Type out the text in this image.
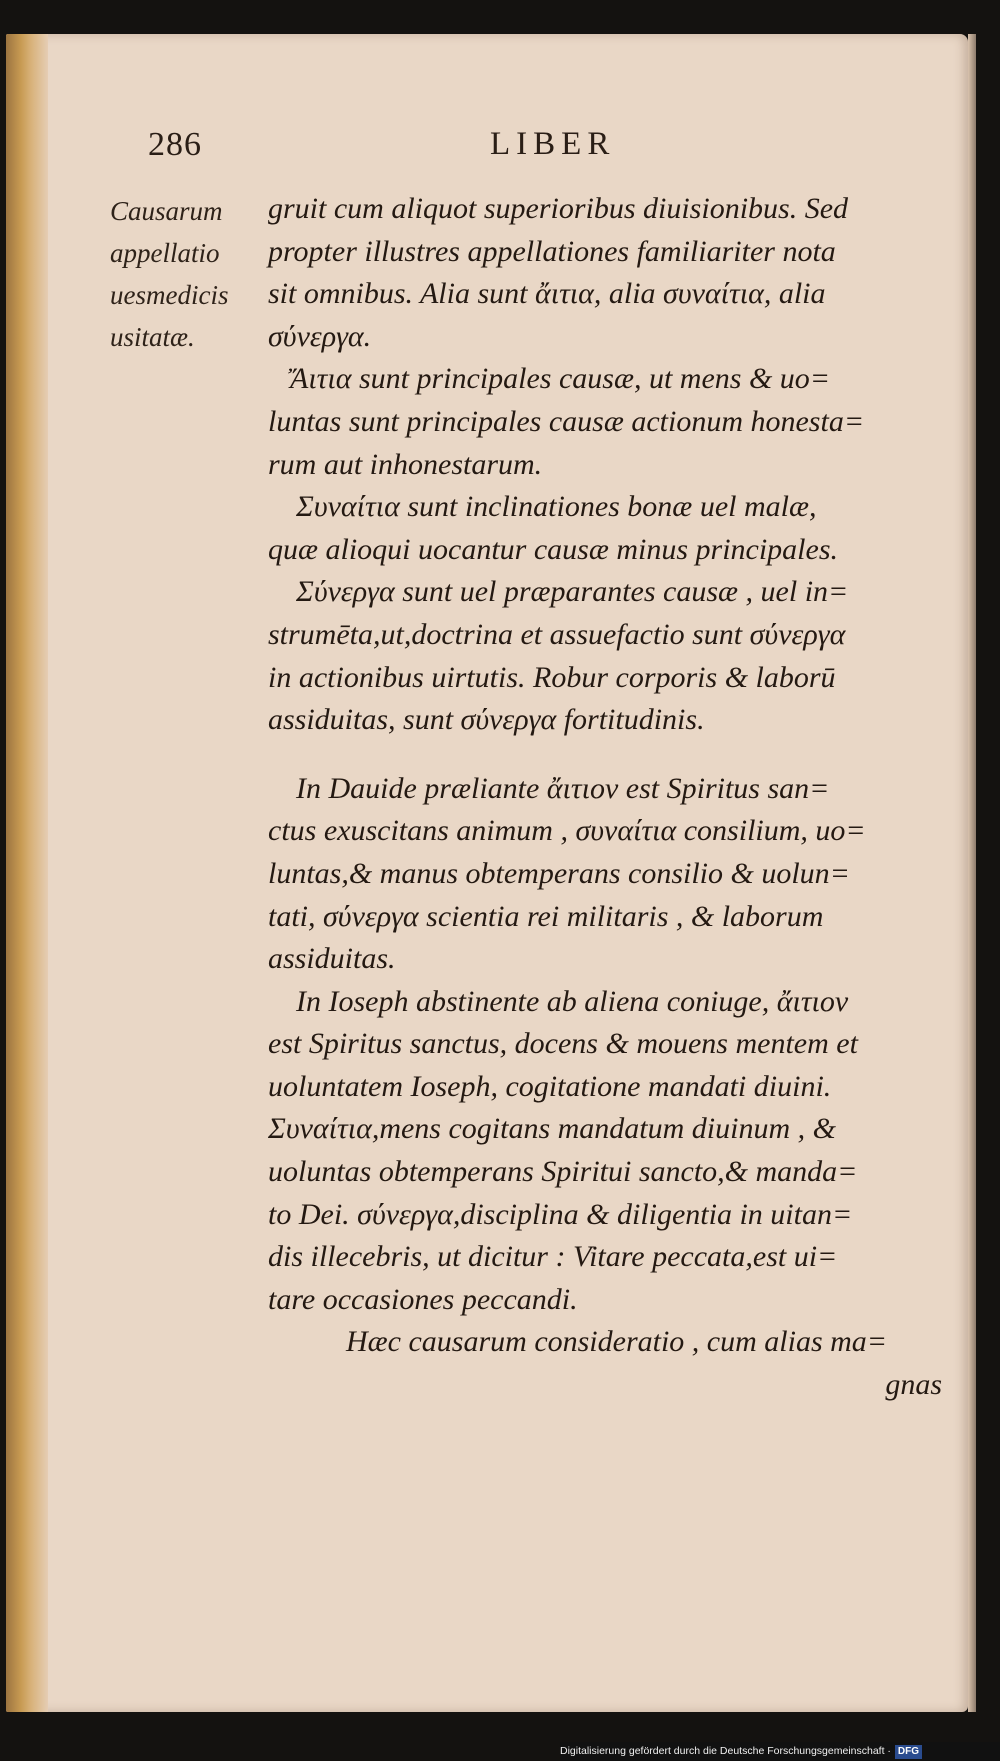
286	LIBER
Causarum
appellatio
uesmedicis
usitatæ.
gruit cum aliquot superioribus diuisionibus. Sed
propter illustres appellationes familiariter nota
sit omnibus. Alia sunt ἄιτια, alia συναίτια, alia
σύνεργα.
Ἄιτια sunt principales causæ, ut mens & uo=
luntas sunt principales causæ actionum honesta=
rum aut inhonestarum.
Συναίτια sunt inclinationes bonæ uel malæ,
quæ alioqui uocantur causæ minus principales.
Σύνεργα sunt uel præparantes causæ , uel in=
strumēta,ut,doctrina et assuefactio sunt σύνεργα
in actionibus uirtutis. Robur corporis & laborū
assiduitas, sunt σύνεργα fortitudinis.
In Dauide præliante ἄιτιον est Spiritus san=
ctus exuscitans animum , συναίτια consilium, uo=
luntas,& manus obtemperans consilio & uolun=
tati, σύνεργα scientia rei militaris , & laborum
assiduitas.
In Ioseph abstinente ab aliena coniuge, ἄιτιον
est Spiritus sanctus, docens & mouens mentem et
uoluntatem Ioseph, cogitatione mandati diuini.
Συναίτια,mens cogitans mandatum diuinum , &
uoluntas obtemperans Spiritui sancto,& manda=
to Dei. σύνεργα,disciplina & diligentia in uitan=
dis illecebris, ut dicitur : Vitare peccata,est ui=
tare occasiones peccandi.
Hæc causarum consideratio , cum alias ma=
gnas
Digitalisierung gefördert durch die Deutsche Forschungsgemeinschaft · DFG
